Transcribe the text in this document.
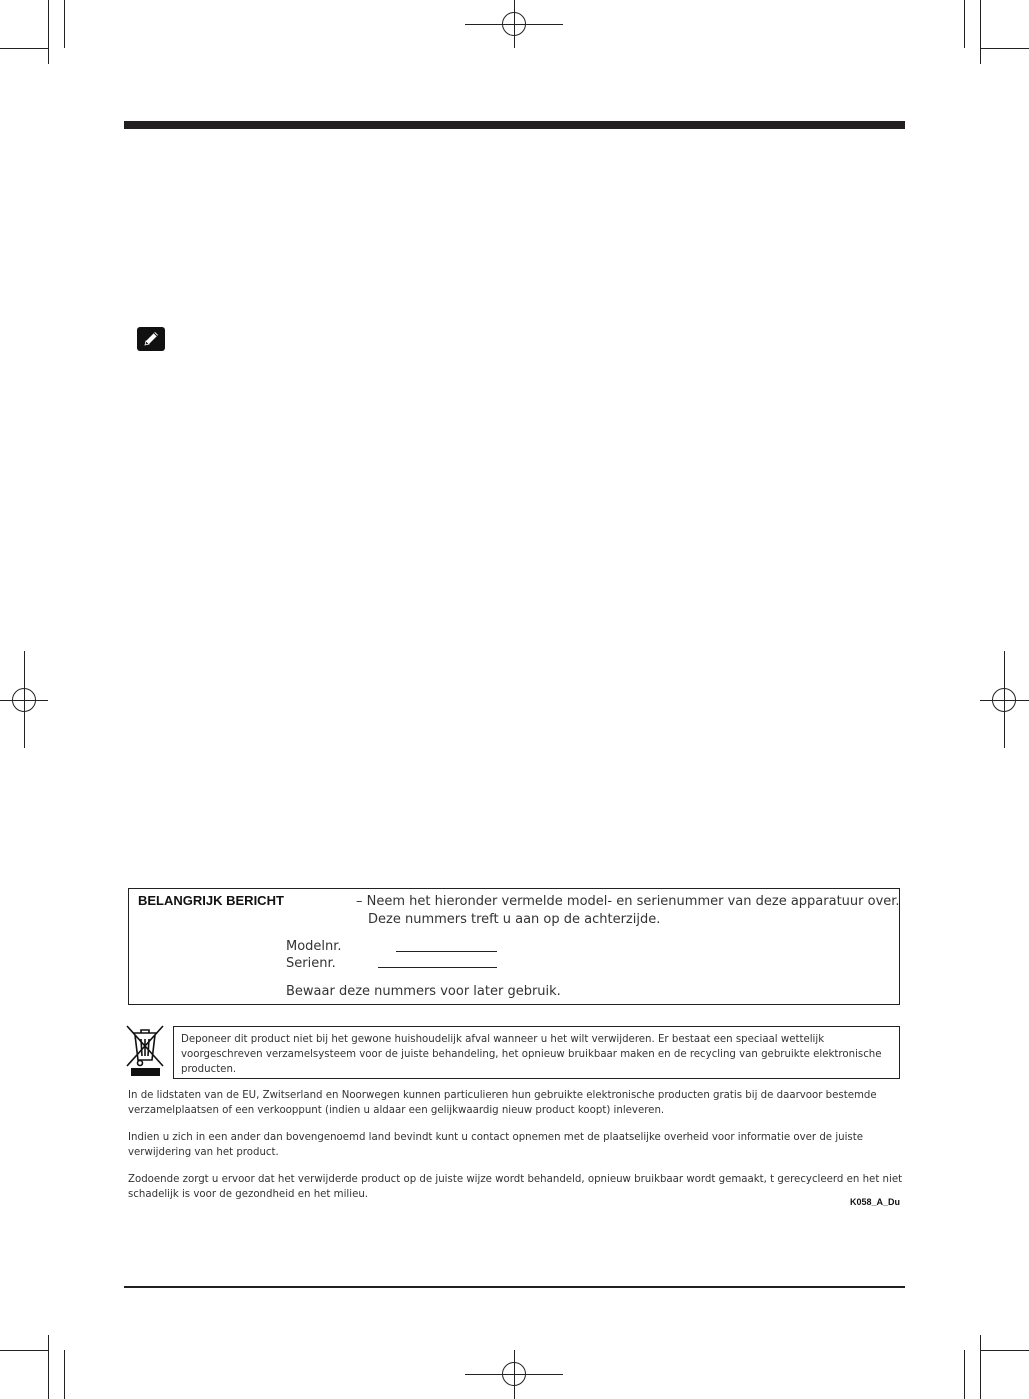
BELANGRIJK BERICHT	– Neem het hieronder vermelde model- en serienummer van deze apparatuur over.
Deze nummers treft u aan op de achterzijde.
Modelnr.
Serienr.
Bewaar deze nummers voor later gebruik.
Deponeer dit product niet bij het gewone huishoudelijk afval wanneer u het wilt verwijderen. Er bestaat een speciaal wettelijk voorgeschreven verzamelsysteem voor de juiste behandeling, het opnieuw bruikbaar maken en de recycling van gebruikte elektronische producten.
In de lidstaten van de EU, Zwitserland en Noorwegen kunnen particulieren hun gebruikte elektronische producten gratis bij de daarvoor bestemde verzamelplaatsen of een verkooppunt (indien u aldaar een gelijkwaardig nieuw product koopt) inleveren.
Indien u zich in een ander dan bovengenoemd land bevindt kunt u contact opnemen met de plaatselijke overheid voor informatie over de juiste verwijdering van het product.
Zodoende zorgt u ervoor dat het verwijderde product op de juiste wijze wordt behandeld, opnieuw bruikbaar wordt gemaakt, t gerecycleerd en het niet schadelijk is voor de gezondheid en het milieu.
K058_A_Du
